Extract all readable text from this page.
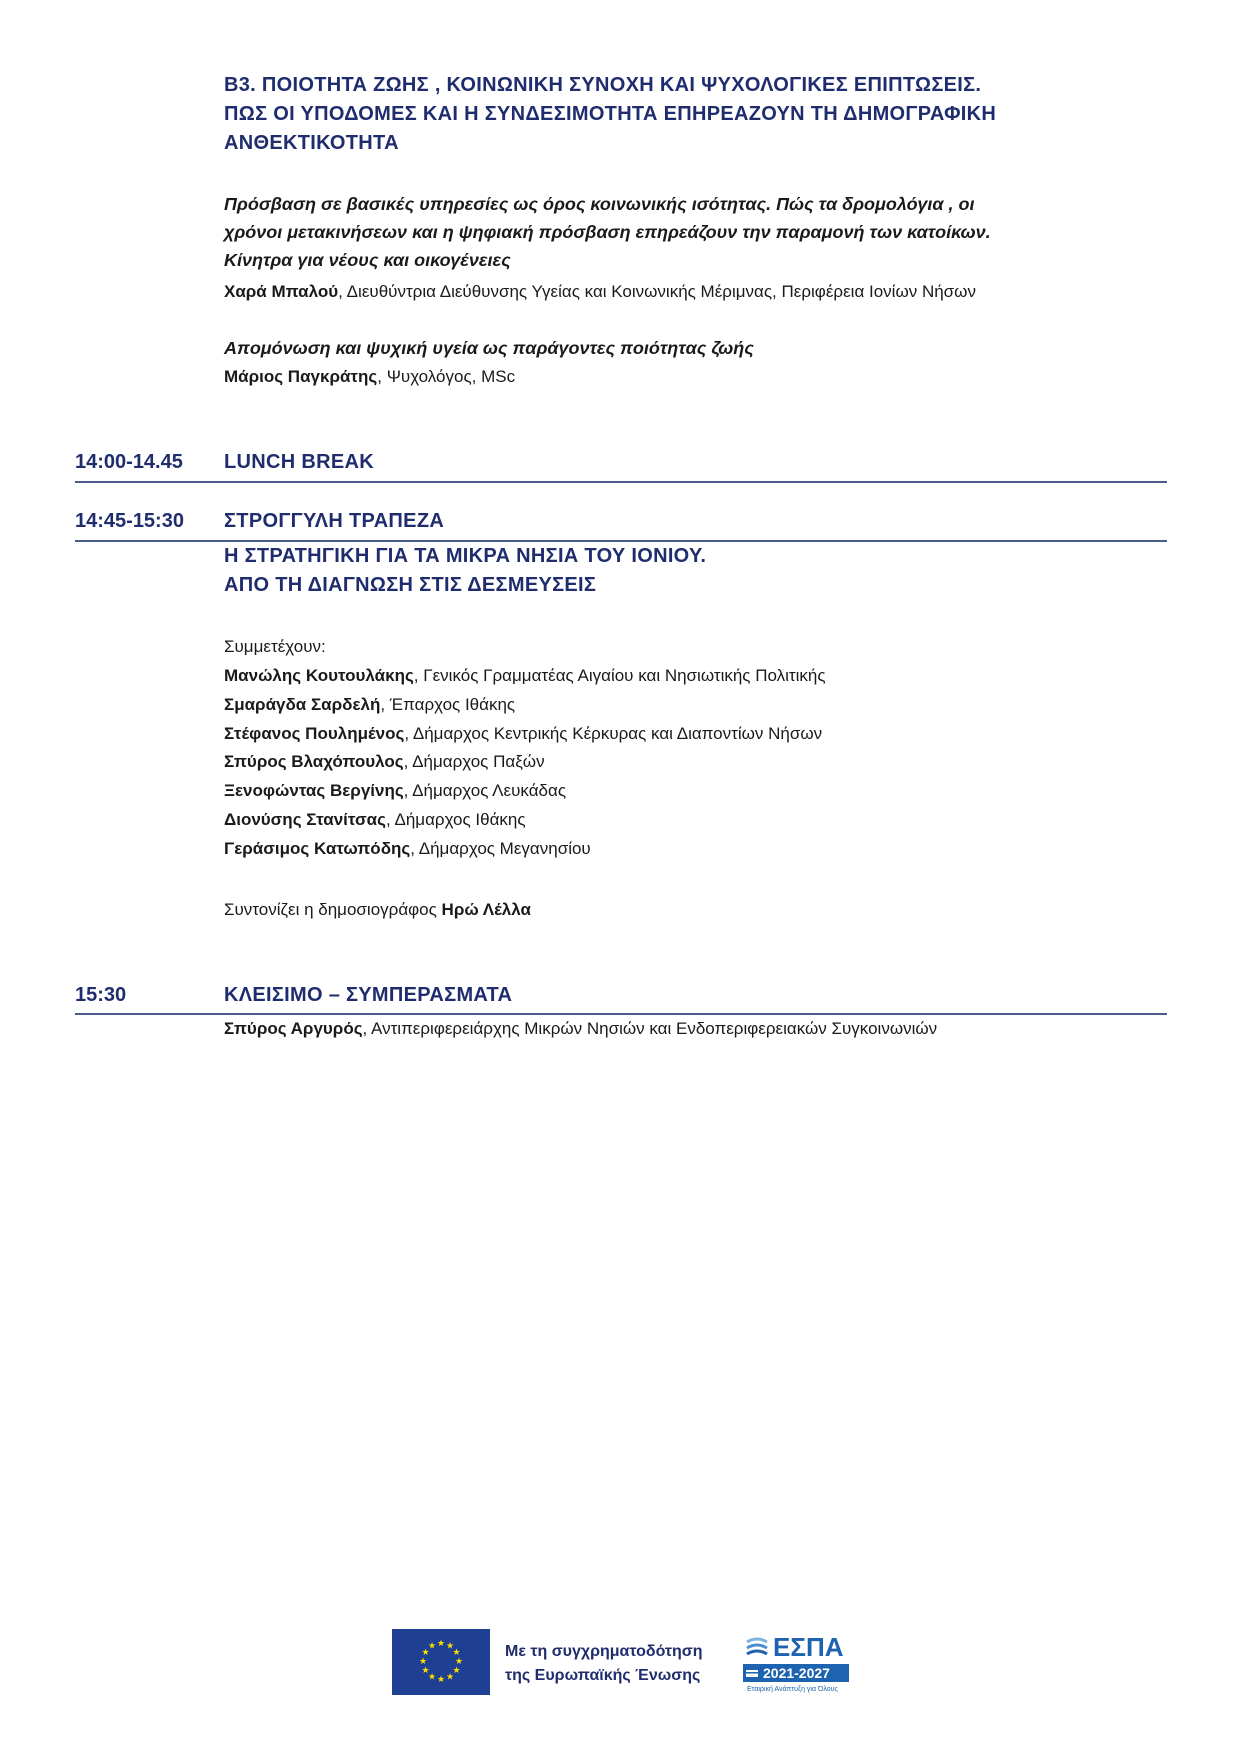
Β3. ΠΟΙΟΤΗΤΑ ΖΩΗΣ , ΚΟΙΝΩΝΙΚΗ ΣΥΝΟΧΗ ΚΑΙ ΨΥΧΟΛΟΓΙΚΕΣ ΕΠΙΠΤΩΣΕΙΣ.
ΠΩΣ ΟΙ ΥΠΟΔΟΜΕΣ ΚΑΙ Η ΣΥΝΔΕΣΙΜΟΤΗΤΑ ΕΠΗΡΕΑΖΟΥΝ ΤΗ ΔΗΜΟΓΡΑΦΙΚΗ
ΑΝΘΕΚΤΙΚΟΤΗΤΑ
Πρόσβαση σε βασικές υπηρεσίες ως όρος κοινωνικής ισότητας. Πώς τα δρομολόγια , οι
χρόνοι μετακινήσεων και η ψηφιακή πρόσβαση επηρεάζουν την παραμονή των κατοίκων.
Κίνητρα για νέους και οικογένειες
Χαρά Μπαλού, Διευθύντρια Διεύθυνσης Υγείας και Κοινωνικής Μέριμνας, Περιφέρεια Ιονίων Νήσων
Απομόνωση και ψυχική υγεία ως παράγοντες ποιότητας ζωής
Μάριος Παγκράτης, Ψυχολόγος, MSc
14:00-14.45 LUNCH BREAK
14:45-15:30 ΣΤΡΟΓΓΥΛΗ ΤΡΑΠΕΖΑ
Η ΣΤΡΑΤΗΓΙΚΗ ΓΙΑ ΤΑ ΜΙΚΡΑ ΝΗΣΙΑ ΤΟΥ ΙΟΝΙΟΥ.
ΑΠΟ ΤΗ ΔΙΑΓΝΩΣΗ ΣΤΙΣ ΔΕΣΜΕΥΣΕΙΣ
Συμμετέχουν:
Μανώλης Κουτουλάκης, Γενικός Γραμματέας Αιγαίου και Νησιωτικής Πολιτικής
Σμαράγδα Σαρδελή, Έπαρχος Ιθάκης
Στέφανος Πουλημένος, Δήμαρχος Κεντρικής Κέρκυρας και Διαποντίων Νήσων
Σπύρος Βλαχόπουλος, Δήμαρχος Παξών
Ξενοφώντας Βεργίνης, Δήμαρχος Λευκάδας
Διονύσης Στανίτσας, Δήμαρχος Ιθάκης
Γεράσιμος Κατωπόδης, Δήμαρχος Μεγανησίου
Συντονίζει η δημοσιογράφος Ηρώ Λέλλα
15:30	ΚΛΕΙΣΙΜΟ – ΣΥΜΠΕΡΑΣΜΑΤΑ
Σπύρος Αργυρός, Αντιπεριφερειάρχης Μικρών Νησιών και Ενδοπεριφερειακών Συγκοινωνιών
★ ★
★
★
★
★
★
★
★
★
★
★	Με τη συγχρηματοδότηση
της Ευρωπαϊκής Ένωσης
ΕΣΠΑ
2021-2027
Εταιρική Ανάπτυξη για Όλους
